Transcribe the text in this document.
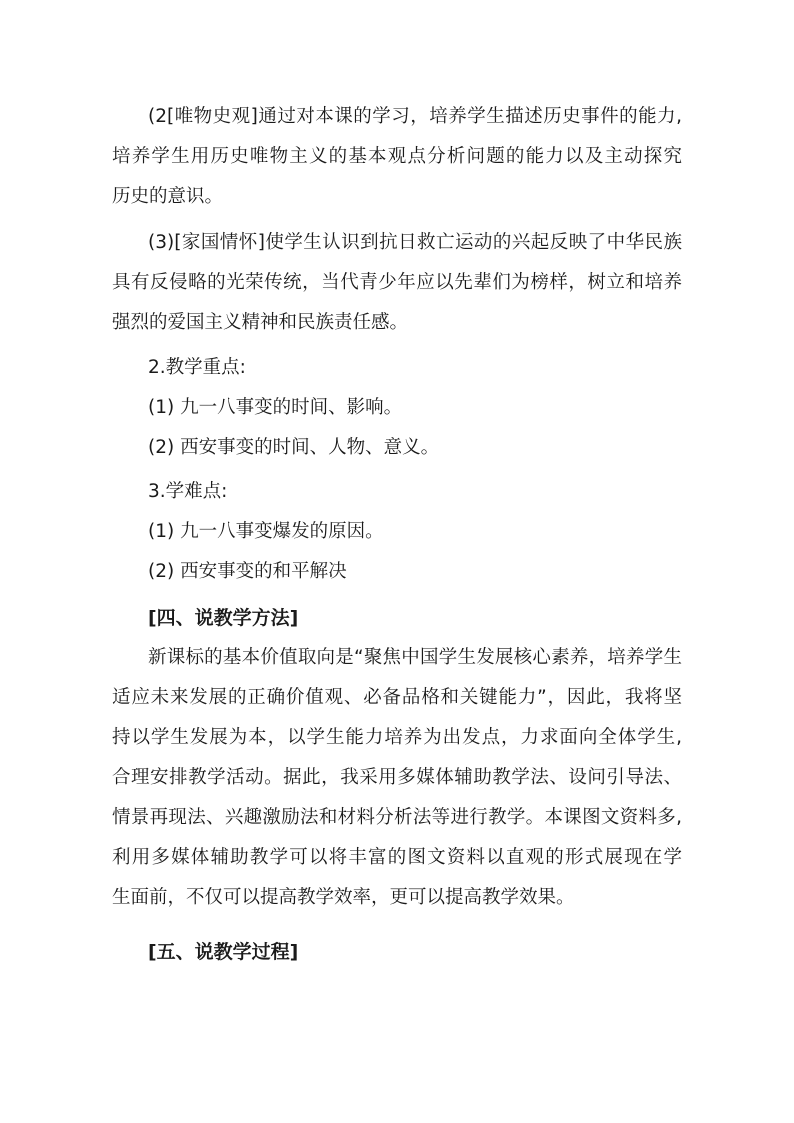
(2[唯物史观]通过对本课的学习，培养学生描述历史事件的能力,
培养学生用历史唯物主义的基本观点分析问题的能力以及主动探究
历史的意识。
(3)[家国情怀]使学生认识到抗日救亡运动的兴起反映了中华民族
具有反侵略的光荣传统，当代青少年应以先辈们为榜样，树立和培养
强烈的爱国主义精神和民族责任感。
2.教学重点:
(1) 九一八事变的时间、影响。
(2) 西安事变的时间、人物、意义。
3.学难点:
(1) 九一八事变爆发的原因。
(2) 西安事变的和平解决
[四、说教学方法]
新课标的基本价值取向是“聚焦中国学生发展核心素养，培养学生
适应未来发展的正确价值观、必备品格和关键能力”，因此，我将坚
持以学生发展为本，以学生能力培养为出发点，力求面向全体学生,
合理安排教学活动。据此，我采用多媒体辅助教学法、设问引导法、
情景再现法、兴趣激励法和材料分析法等进行教学。本课图文资料多,
利用多媒体辅助教学可以将丰富的图文资料以直观的形式展现在学
生面前，不仅可以提高教学效率，更可以提高教学效果。
[五、说教学过程]
